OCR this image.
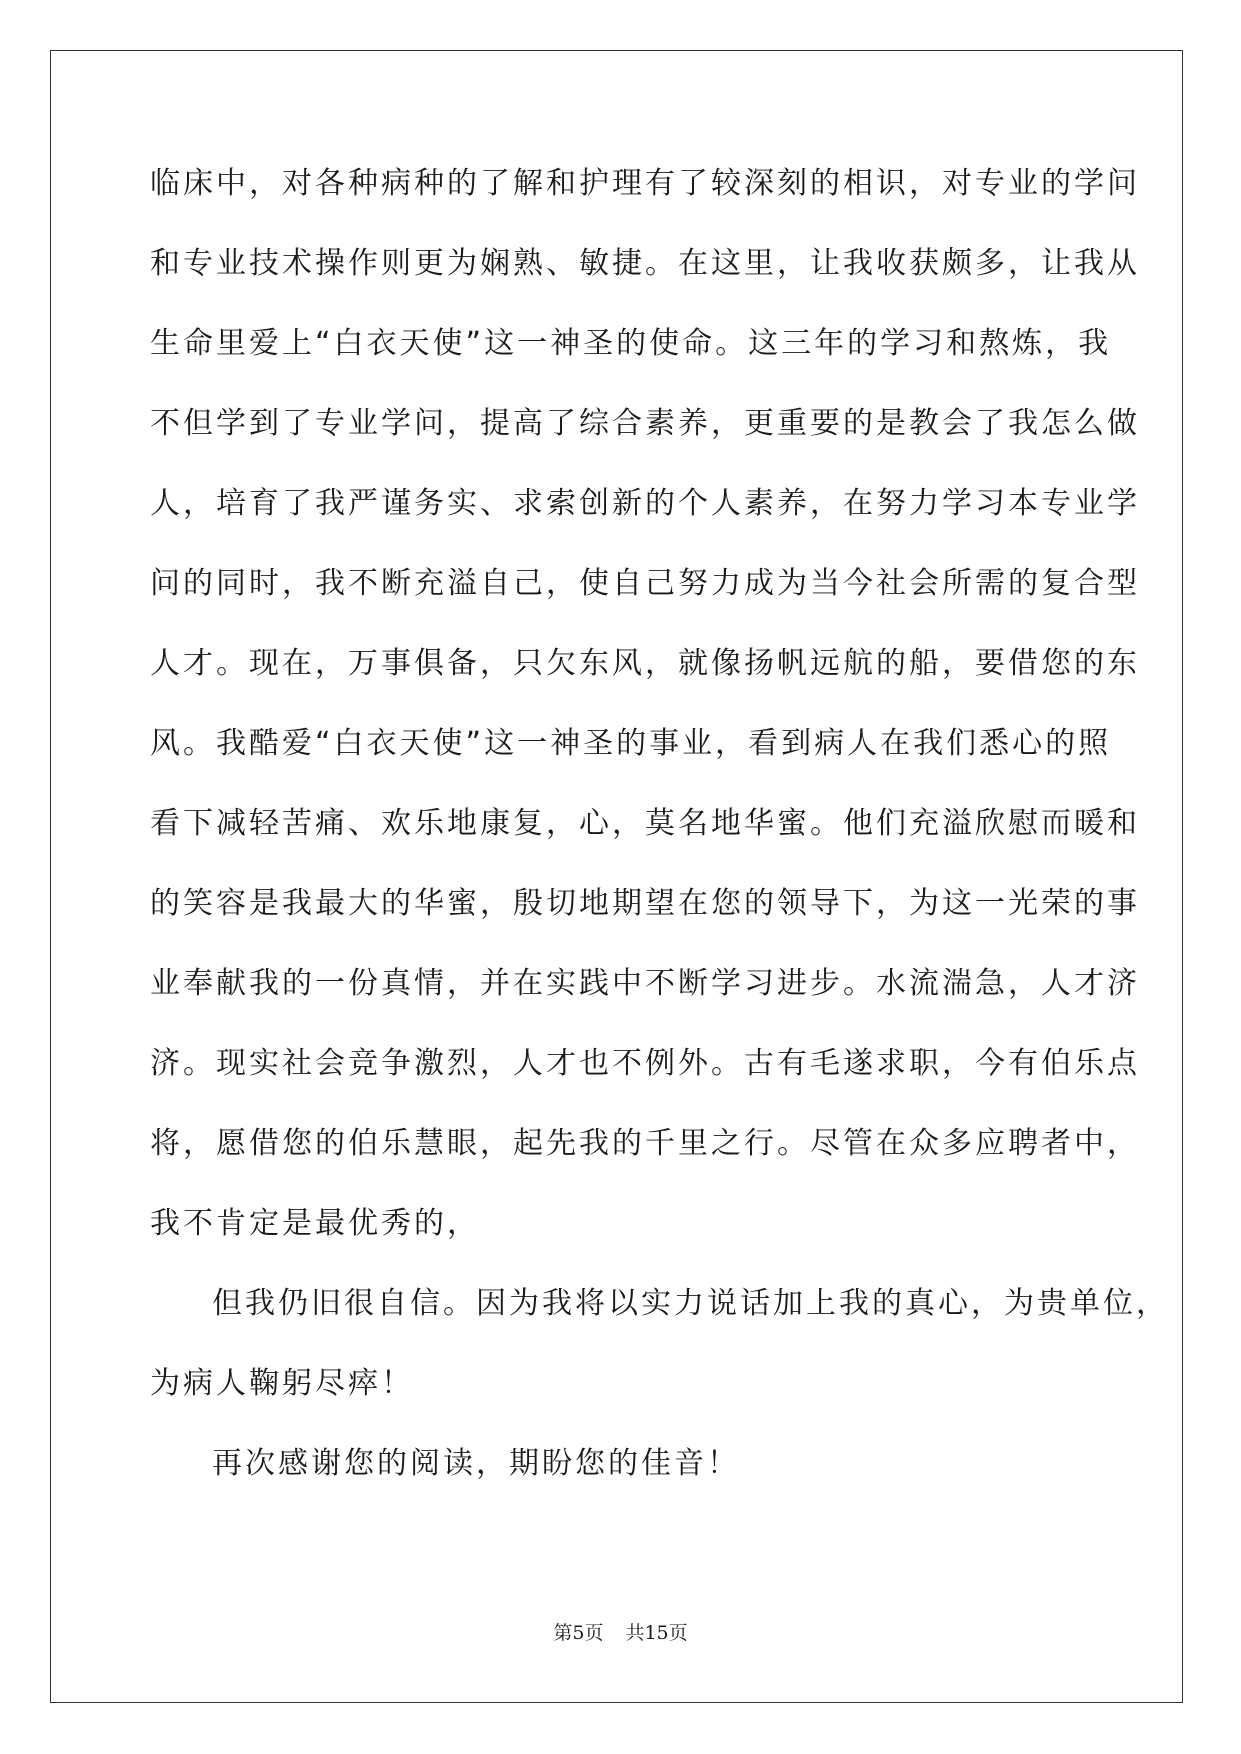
临床中，对各种病种的了解和护理有了较深刻的相识，对专业的学问
和专业技术操作则更为娴熟、敏捷。在这里，让我收获颇多，让我从
生命里爱上“白衣天使”这一神圣的使命。这三年的学习和熬炼，我
不但学到了专业学问，提高了综合素养，更重要的是教会了我怎么做
人，培育了我严谨务实、求索创新的个人素养，在努力学习本专业学
问的同时，我不断充溢自己，使自己努力成为当今社会所需的复合型
人才。现在，万事俱备，只欠东风，就像扬帆远航的船，要借您的东
风。我酷爱“白衣天使”这一神圣的事业，看到病人在我们悉心的照
看下减轻苦痛、欢乐地康复，心，莫名地华蜜。他们充溢欣慰而暖和
的笑容是我最大的华蜜，殷切地期望在您的领导下，为这一光荣的事
业奉献我的一份真情，并在实践中不断学习进步。水流湍急，人才济
济。现实社会竞争激烈，人才也不例外。古有毛遂求职，今有伯乐点
将，愿借您的伯乐慧眼，起先我的千里之行。尽管在众多应聘者中，
我不肯定是最优秀的，
但我仍旧很自信。因为我将以实力说话加上我的真心，为贵单位，
为病人鞠躬尽瘁！
再次感谢您的阅读，期盼您的佳音！
第5页 共15页
